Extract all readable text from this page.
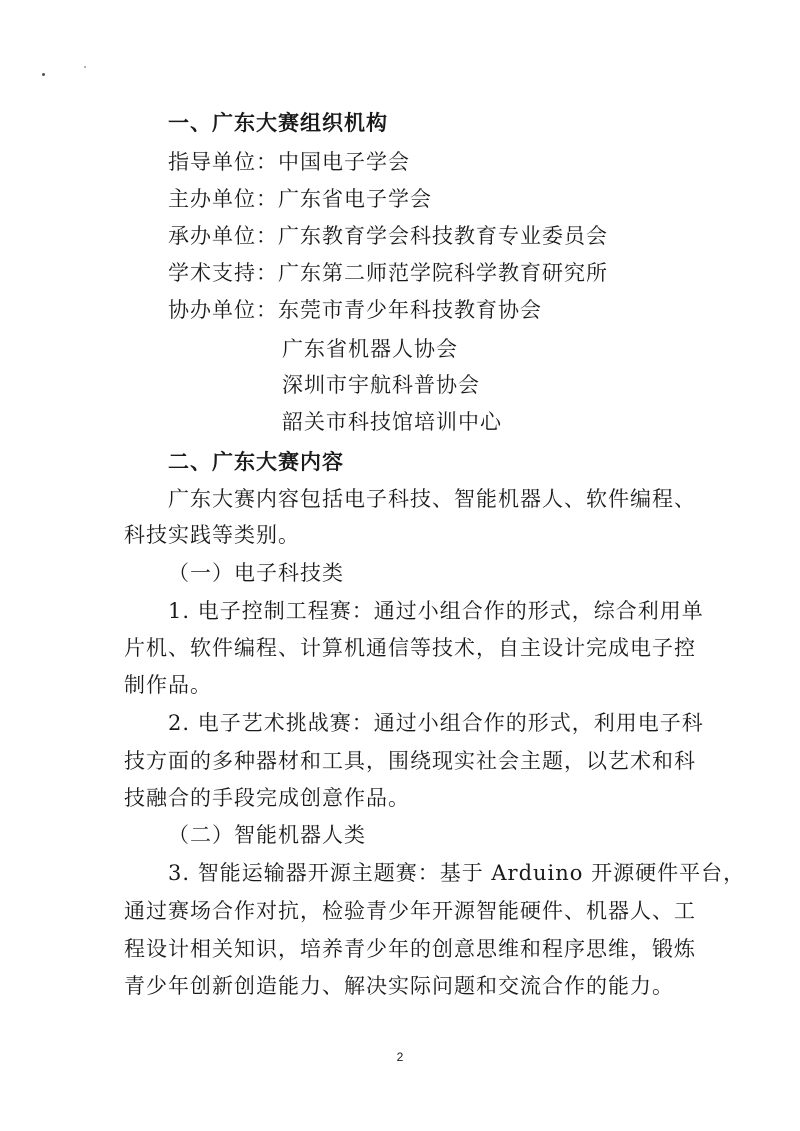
一、广东大赛组织机构
指导单位：中国电子学会
主办单位：广东省电子学会
承办单位：广东教育学会科技教育专业委员会
学术支持：广东第二师范学院科学教育研究所
协办单位：东莞市青少年科技教育协会
广东省机器人协会
深圳市宇航科普协会
韶关市科技馆培训中心
二、广东大赛内容
广东大赛内容包括电子科技、智能机器人、软件编程、
科技实践等类别。
（一）电子科技类
1. 电子控制工程赛：通过小组合作的形式，综合利用单
片机、软件编程、计算机通信等技术，自主设计完成电子控
制作品。
2. 电子艺术挑战赛：通过小组合作的形式，利用电子科
技方面的多种器材和工具，围绕现实社会主题，以艺术和科
技融合的手段完成创意作品。
（二）智能机器人类
3. 智能运输器开源主题赛：基于 Arduino 开源硬件平台，
通过赛场合作对抗，检验青少年开源智能硬件、机器人、工
程设计相关知识，培养青少年的创意思维和程序思维，锻炼
青少年创新创造能力、解决实际问题和交流合作的能力。
2
